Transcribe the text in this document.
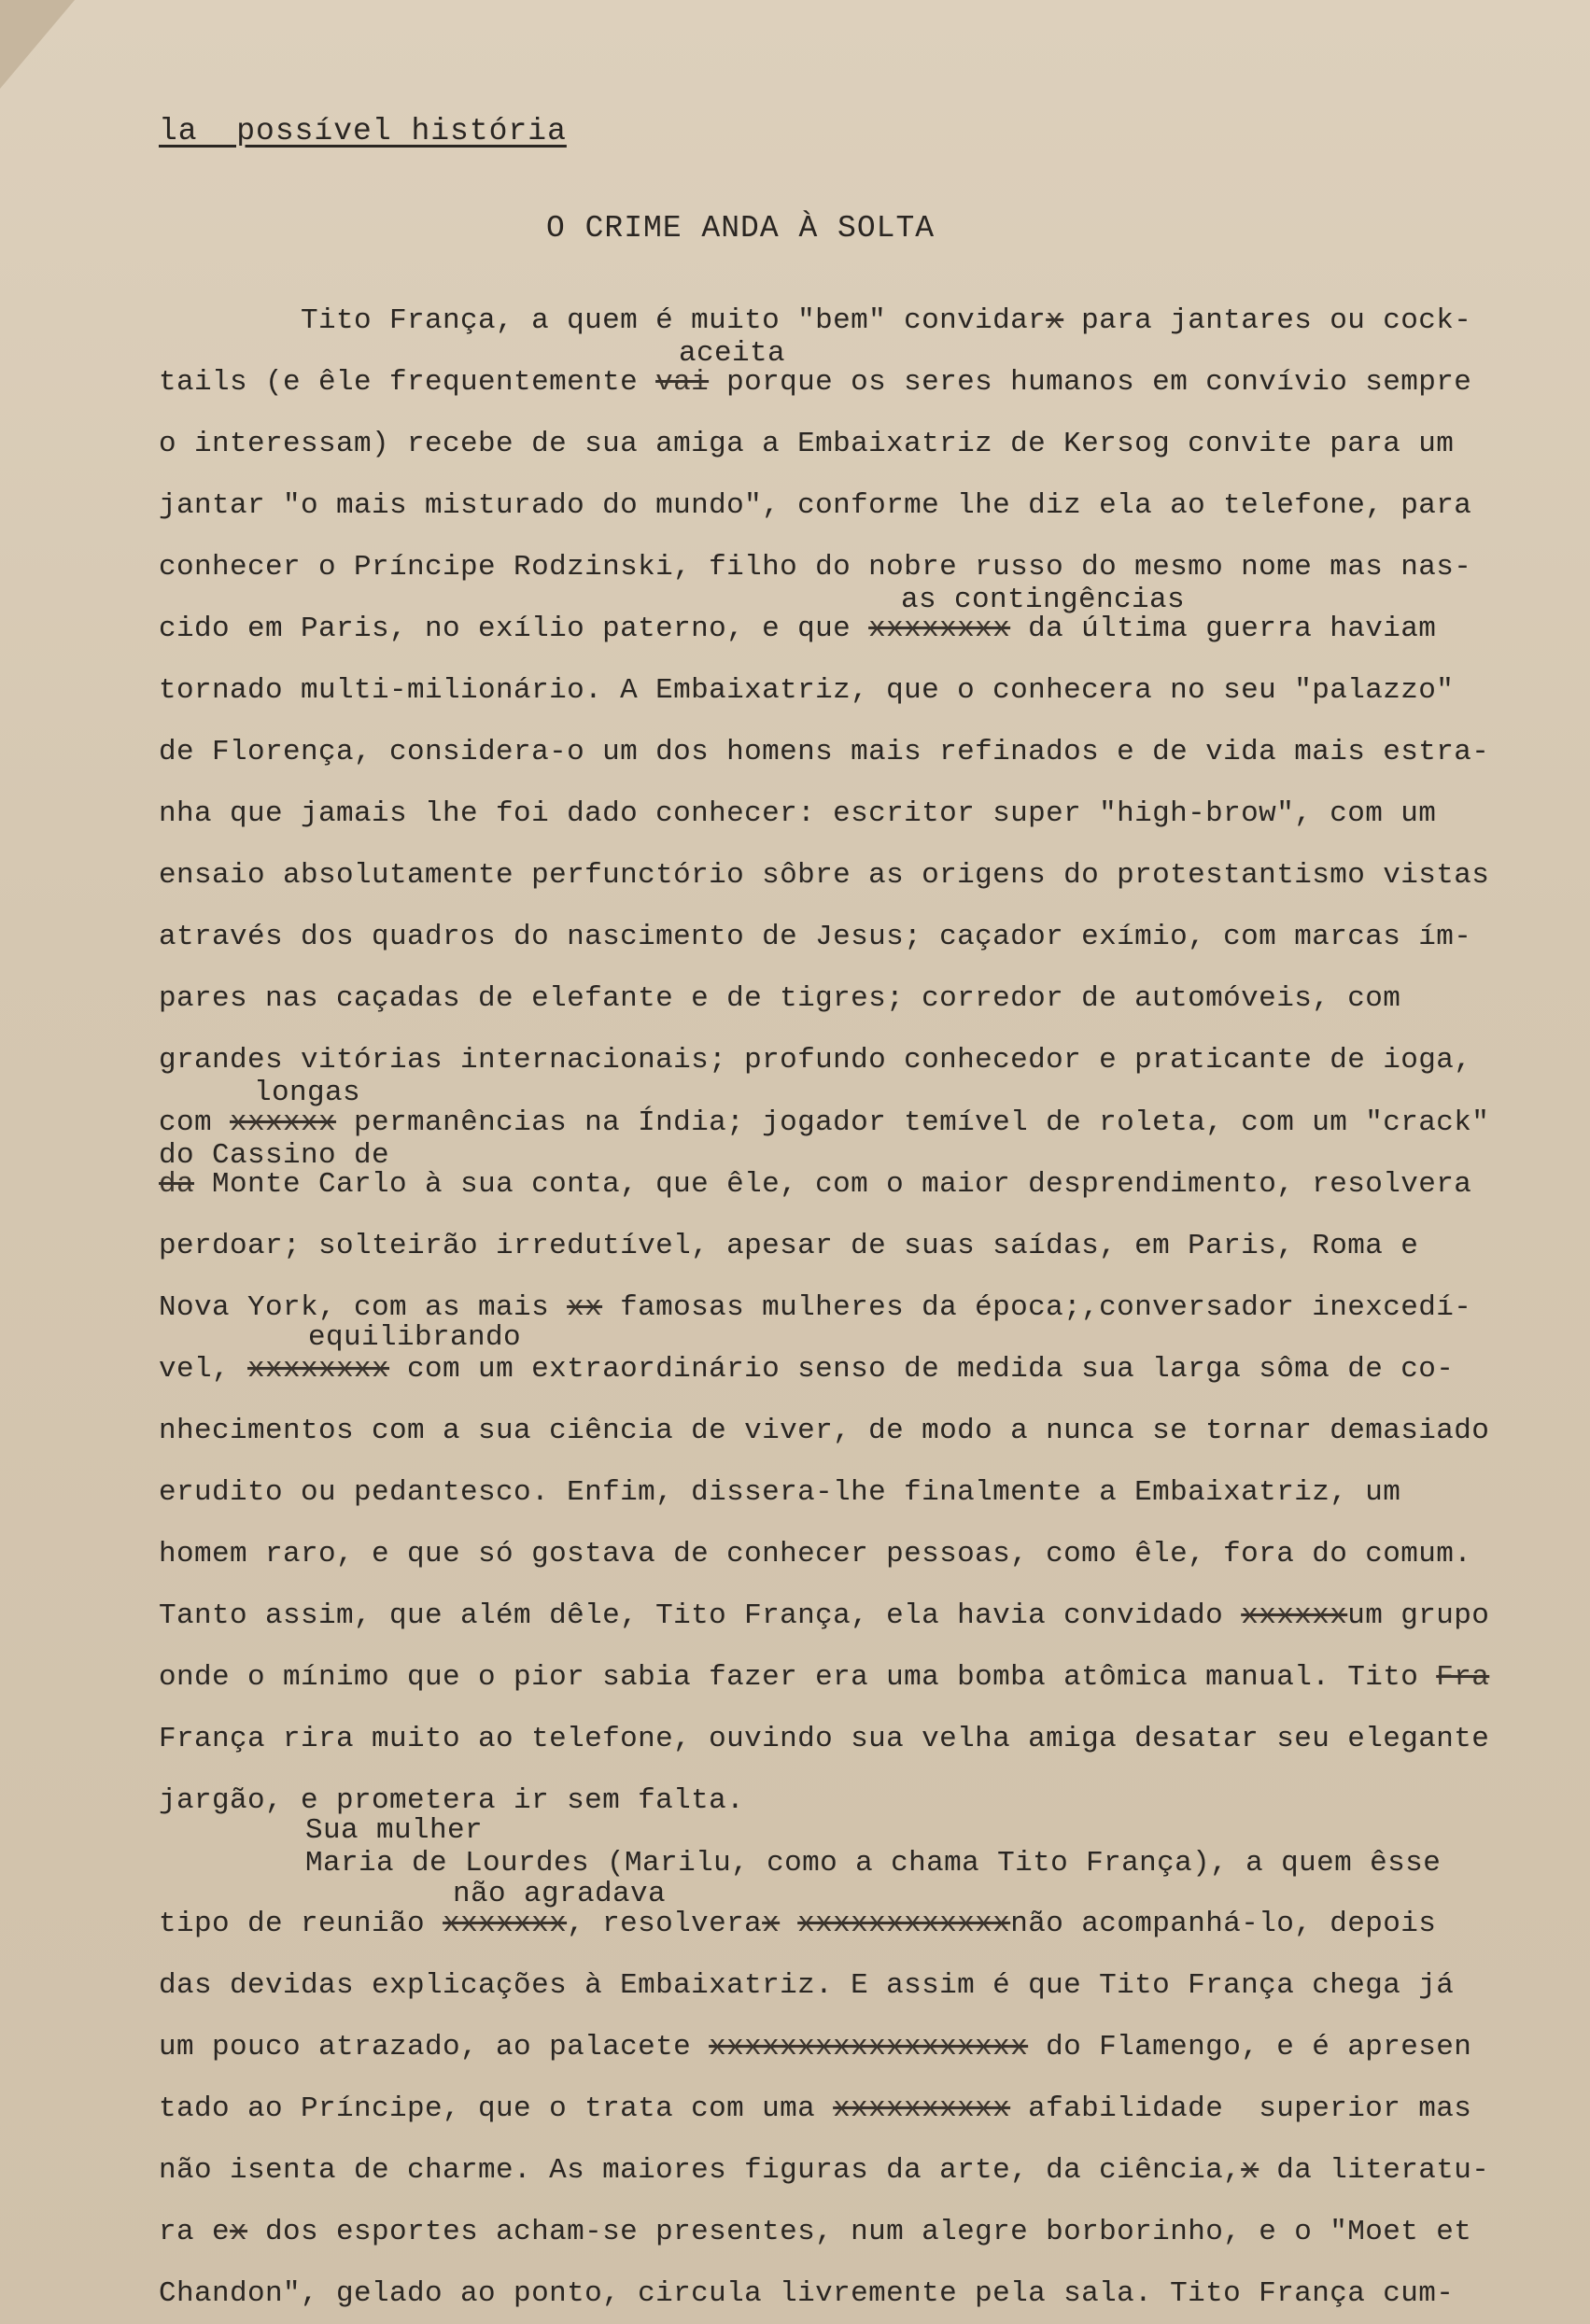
la  possível história
O CRIME ANDA À SOLTA
aceita
as contingências
longas
do Cassino de
equilibrando
Sua mulher
Maria de Lourdes (Marilu, como a chama Tito França), a quem êsse
não agradava
Tito França, a quem é muito "bem" convidarx para jantares ou cock-
tails (e êle frequentemente vai porque os seres humanos em convívio sempre
o interessam) recebe de sua amiga a Embaixatriz de Kersog convite para um
jantar "o mais misturado do mundo", conforme lhe diz ela ao telefone, para
conhecer o Príncipe Rodzinski, filho do nobre russo do mesmo nome mas nas-
cido em Paris, no exílio paterno, e que xxxxxxxx da última guerra haviam
tornado multi-milionário. A Embaixatriz, que o conhecera no seu "palazzo"
de Florença, considera-o um dos homens mais refinados e de vida mais estra-
nha que jamais lhe foi dado conhecer: escritor super "high-brow", com um
ensaio absolutamente perfunctório sôbre as origens do protestantismo vistas
através dos quadros do nascimento de Jesus; caçador exímio, com marcas ím-
pares nas caçadas de elefante e de tigres; corredor de automóveis, com
grandes vitórias internacionais; profundo conhecedor e praticante de ioga,
com xxxxxx permanências na Índia; jogador temível de roleta, com um "crack"
da Monte Carlo à sua conta, que êle, com o maior desprendimento, resolvera
perdoar; solteirão irredutível, apesar de suas saídas, em Paris, Roma e
Nova York, com as mais xx famosas mulheres da época;,conversador inexcedí-
vel, xxxxxxxx com um extraordinário senso de medida sua larga sôma de co-
nhecimentos com a sua ciência de viver, de modo a nunca se tornar demasiado
erudito ou pedantesco. Enfim, dissera-lhe finalmente a Embaixatriz, um
homem raro, e que só gostava de conhecer pessoas, como êle, fora do comum.
Tanto assim, que além dêle, Tito França, ela havia convidado xxxxxxum grupo
onde o mínimo que o pior sabia fazer era uma bomba atômica manual. Tito Fra
França rira muito ao telefone, ouvindo sua velha amiga desatar seu elegante
jargão, e prometera ir sem falta.
tipo de reunião xxxxxxx, resolverax xxxxxxxxxxxxnão acompanhá-lo, depois
das devidas explicações à Embaixatriz. E assim é que Tito França chega já
um pouco atrazado, ao palacete xxxxxxxxxxxxxxxxxx do Flamengo, e é apresen
tado ao Príncipe, que o trata com uma xxxxxxxxxx afabilidade  superior mas
não isenta de charme. As maiores figuras da arte, da ciência,x da literatu-
ra ex dos esportes acham-se presentes, num alegre borborinho, e o "Moet et
Chandon", gelado ao ponto, circula livremente pela sala. Tito França cum-
